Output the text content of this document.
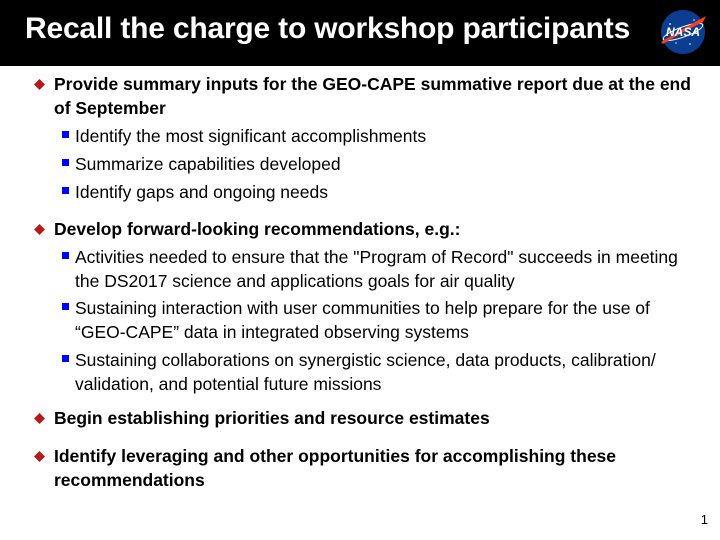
Recall the charge to workshop participants	NASA
Provide summary inputs for the GEO-CAPE summative report due at the end of September
Identify the most significant accomplishments
Summarize capabilities developed
Identify gaps and ongoing needs
Develop forward-looking recommendations, e.g.:
Activities needed to ensure that the "Program of Record" succeeds in meeting the DS2017 science and applications goals for air quality
Sustaining interaction with user communities to help prepare for the use of “GEO-CAPE” data in integrated observing systems
Sustaining collaborations on synergistic science, data products, calibration/ validation, and potential future missions
Begin establishing priorities and resource estimates
Identify leveraging and other opportunities for accomplishing these recommendations
1
